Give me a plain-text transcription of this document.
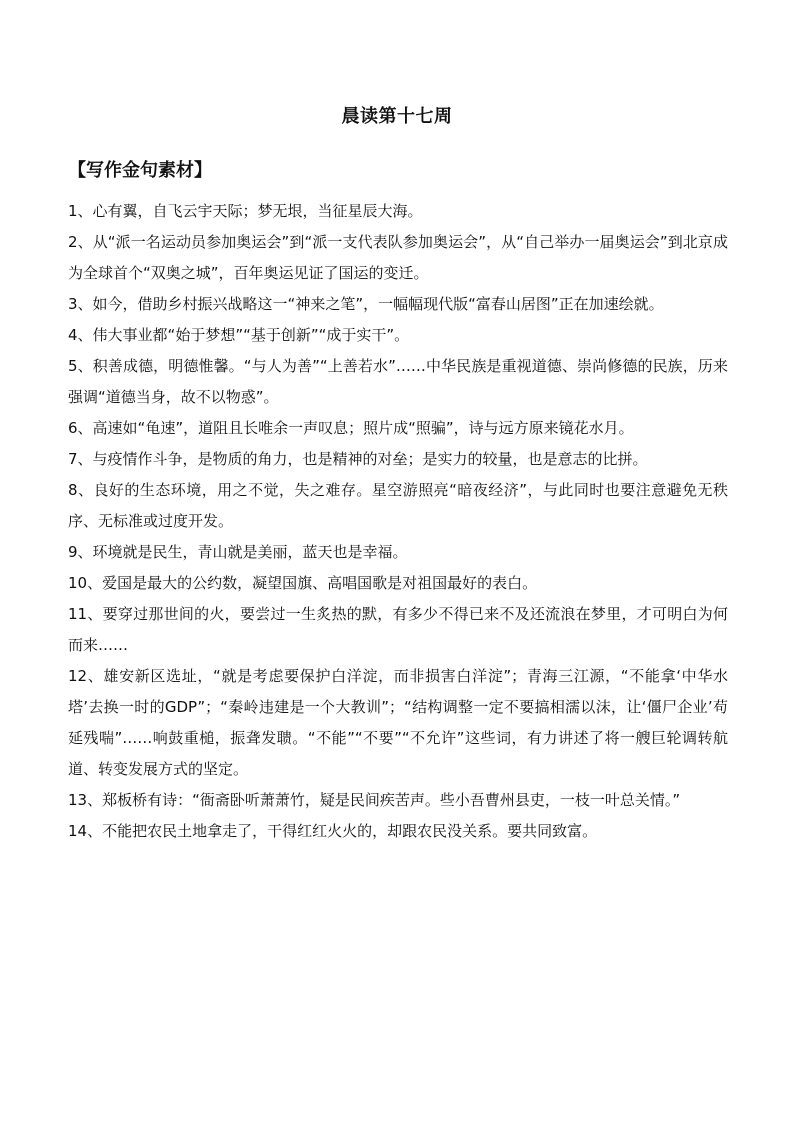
晨读第十七周
【写作金句素材】

1、心有翼，自飞云宇天际；梦无垠，当征星辰大海。

2、从“派一名运动员参加奥运会”到“派一支代表队参加奥运会”，从“自己举办一届奥运会”到北京成为全球首个“双奥之城”，百年奥运见证了国运的变迁。

3、如今，借助乡村振兴战略这一“神来之笔”，一幅幅现代版“富春山居图”正在加速绘就。

4、伟大事业都“始于梦想”“基于创新”“成于实干”。

5、积善成德，明德惟馨。“与人为善”“上善若水”……中华民族是重视道德、崇尚修德的民族，历来强调“道德当身，故不以物惑”。

6、高速如“龟速”，道阻且长唯余一声叹息；照片成“照骗”，诗与远方原来镜花水月。

7、与疫情作斗争，是物质的角力，也是精神的对垒；是实力的较量，也是意志的比拼。

8、良好的生态环境，用之不觉，失之难存。星空游照亮“暗夜经济”，与此同时也要注意避免无秩序、无标准或过度开发。

9、环境就是民生，青山就是美丽，蓝天也是幸福。

10、爱国是最大的公约数，凝望国旗、高唱国歌是对祖国最好的表白。

11、要穿过那世间的火，要尝过一生炙热的默，有多少不得已来不及还流浪在梦里，才可明白为何而来……

12、雄安新区选址，“就是考虑要保护白洋淀，而非损害白洋淀”；青海三江源，“不能拿‘中华水塔’去换一时的GDP”；“秦岭违建是一个大教训”；“结构调整一定不要搞相濡以沫，让‘僵尸企业’苟延残喘”……响鼓重槌，振聋发聩。“不能”“不要”“不允许”这些词，有力讲述了将一艘巨轮调转航道、转变发展方式的坚定。

13、郑板桥有诗：“衙斋卧听萧萧竹，疑是民间疾苦声。些小吾曹州县吏，一枝一叶总关情。”

14、不能把农民土地拿走了，干得红红火火的，却跟农民没关系。要共同致富。
